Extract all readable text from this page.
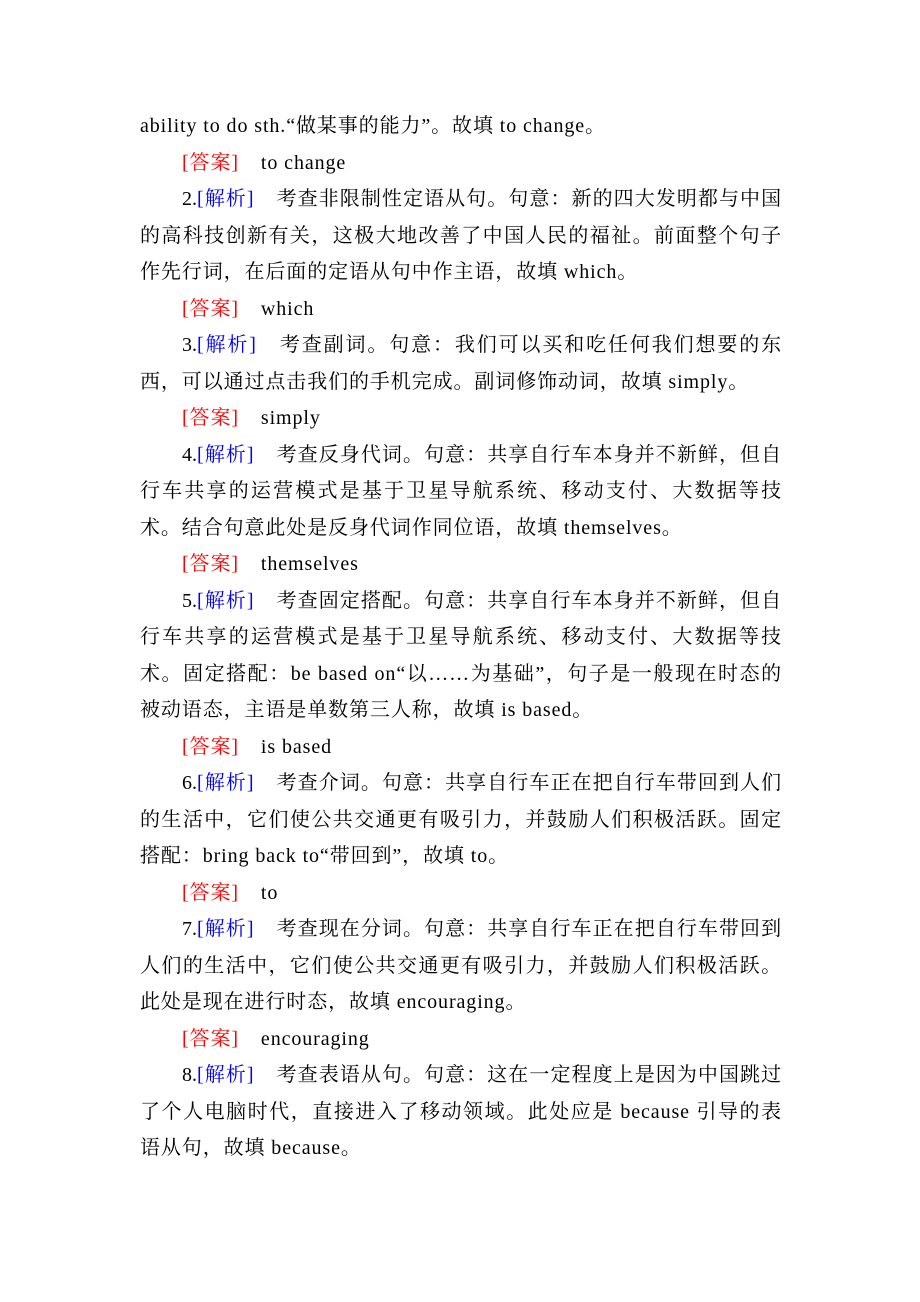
ability to do sth.“做某事的能力”。故填 to change。

[答案] to change

2.[解析] 考查非限制性定语从句。句意：新的四大发明都与中国的高科技创新有关，这极大地改善了中国人民的福祉。前面整个句子作先行词，在后面的定语从句中作主语，故填 which。

[答案] which

3.[解析] 考查副词。句意：我们可以买和吃任何我们想要的东西，可以通过点击我们的手机完成。副词修饰动词，故填 simply。

[答案] simply

4.[解析] 考查反身代词。句意：共享自行车本身并不新鲜，但自行车共享的运营模式是基于卫星导航系统、移动支付、大数据等技术。结合句意此处是反身代词作同位语，故填 themselves。

[答案] themselves

5.[解析] 考查固定搭配。句意：共享自行车本身并不新鲜，但自行车共享的运营模式是基于卫星导航系统、移动支付、大数据等技术。固定搭配：be based on“以……为基础”，句子是一般现在时态的被动语态，主语是单数第三人称，故填 is based。

[答案] is based

6.[解析] 考查介词。句意：共享自行车正在把自行车带回到人们的生活中，它们使公共交通更有吸引力，并鼓励人们积极活跃。固定搭配：bring back to“带回到”，故填 to。

[答案] to

7.[解析] 考查现在分词。句意：共享自行车正在把自行车带回到人们的生活中，它们使公共交通更有吸引力，并鼓励人们积极活跃。此处是现在进行时态，故填 encouraging。

[答案] encouraging

8.[解析] 考查表语从句。句意：这在一定程度上是因为中国跳过了个人电脑时代，直接进入了移动领域。此处应是 because 引导的表语从句，故填 because。
